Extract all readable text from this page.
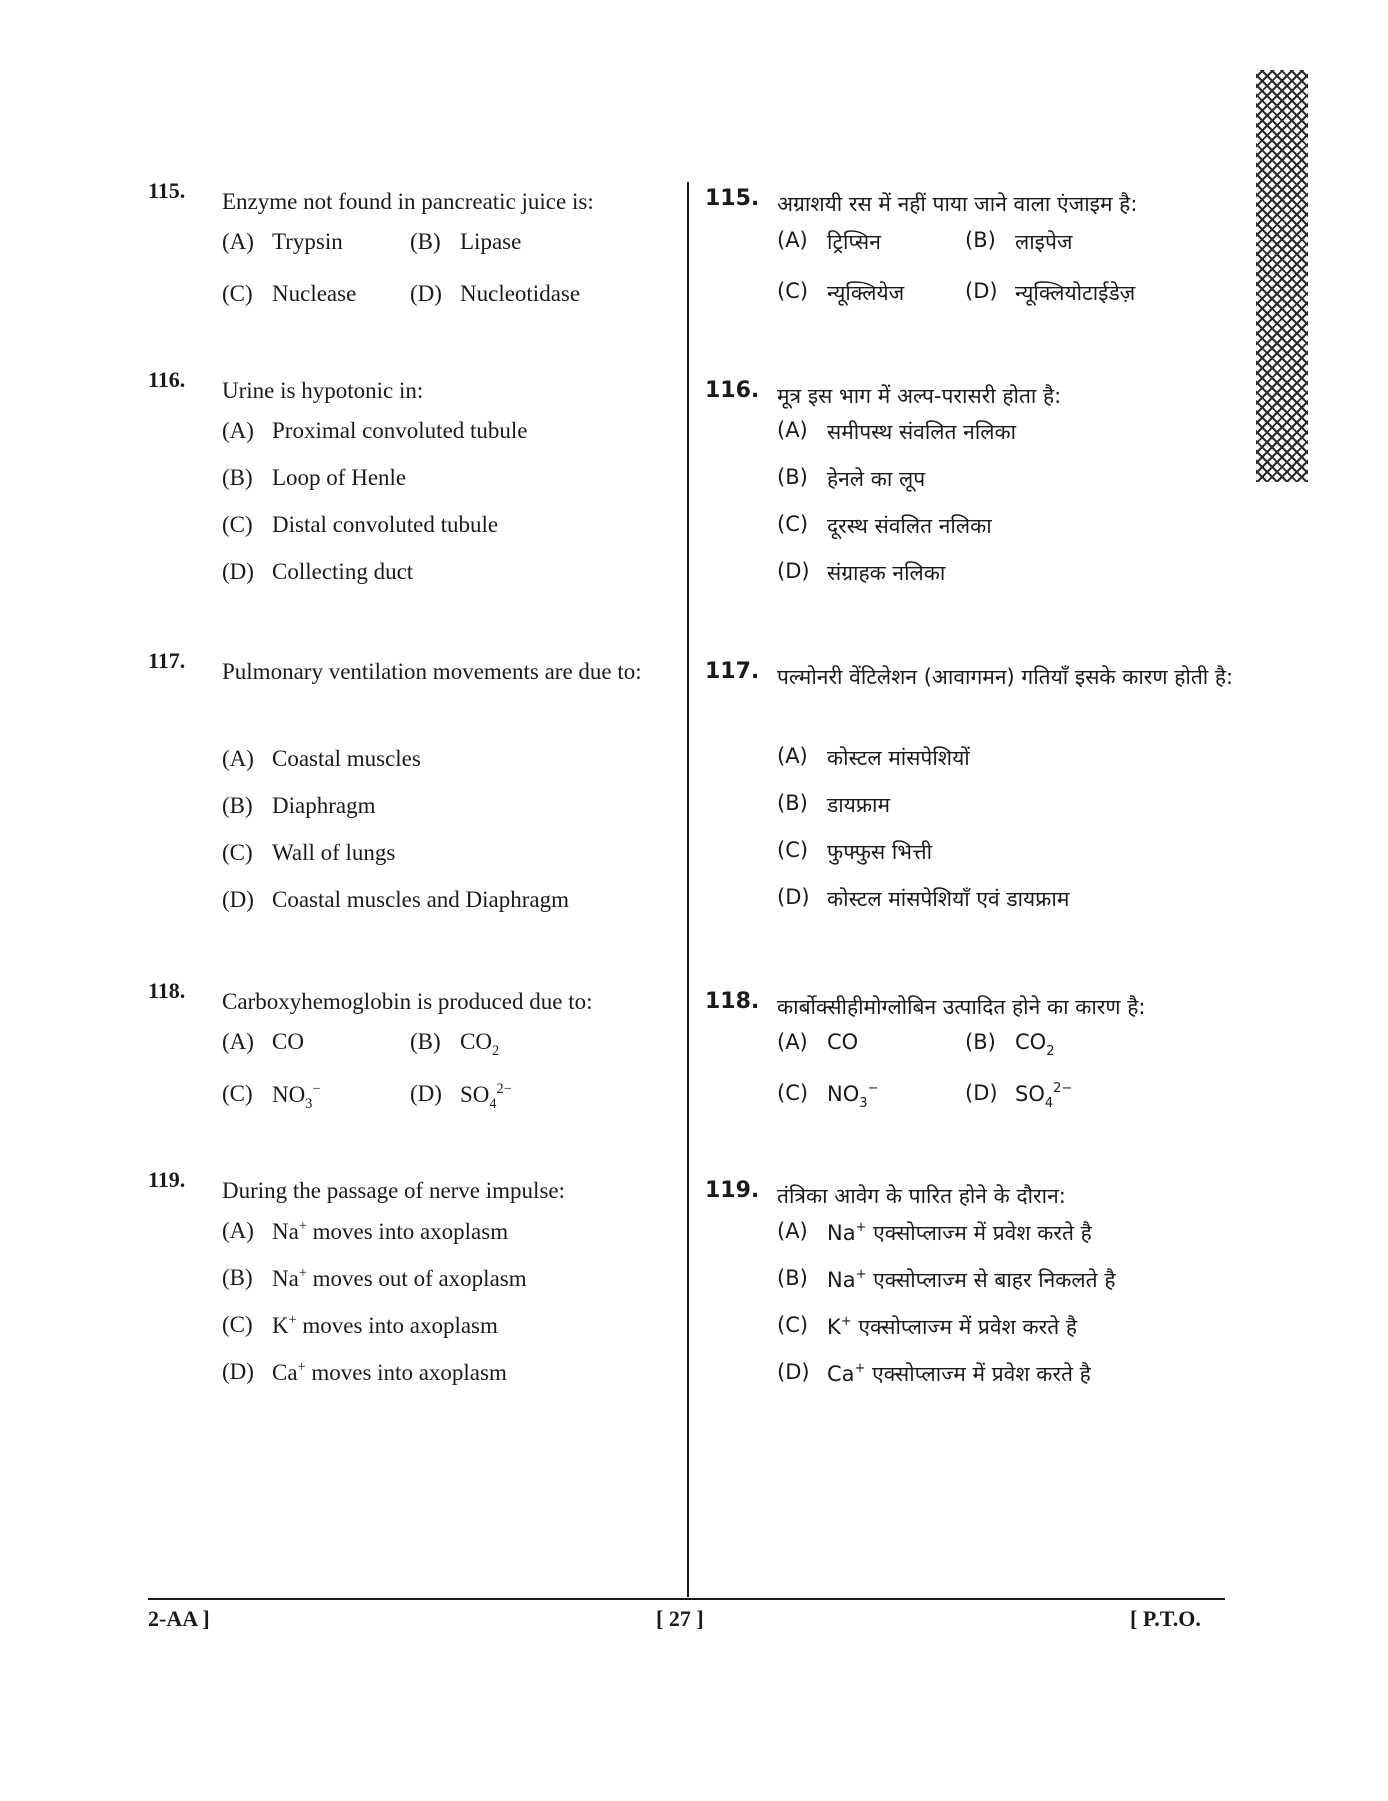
115. Enzyme not found in pancreatic juice is:
(A) Trypsin	(B) Lipase
(C) Nuclease (D) Nucleotidase
116. Urine is hypotonic in:
(A) Proximal convoluted tubule
(B) Loop of Henle
(C) Distal convoluted tubule
(D) Collecting duct
117. Pulmonary ventilation movements are due to:
(A) Coastal muscles
(B) Diaphragm
(C) Wall of lungs
(D) Coastal muscles and Diaphragm
118. Carboxyhemoglobin is produced due to:
(A) CO	(B) $CO_2$
(C) $NO_3^-$	(D) $SO_4^{2-}$
119. During the passage of nerve impulse:
(A) Na+ moves into axoplasm
(B) Na+ moves out of axoplasm
(C) K+ moves into axoplasm
(D) Ca+ moves into axoplasm
115. अग्राशयी रस में नहीं पाया जाने वाला एंजाइम है:
(A) ट्रिप्सिन	(B) लाइपेज
(C) न्यूक्लियेज	(D) न्यूक्लियोटाईडेज़
116. मूत्र इस भाग में अल्प-परासरी होता है:
(A) समीपस्थ संवलित नलिका
(B) हेनले का लूप
(C) दूरस्थ संवलित नलिका
(D) संग्राहक नलिका
117. पल्मोनरी वेंटिलेशन (आवागमन) गतियाँ इसके कारण होती है:
(A) कोस्टल मांसपेशियों
(B) डायफ्राम
(C) फुफ्फुस भित्ती
(D) कोस्टल मांसपेशियाँ एवं डायफ्राम
118. कार्बोक्सीहीमोग्लोबिन उत्पादित होने का कारण है:
(A) CO	(B) $CO_2$
(C) $NO_3^-$	(D) $SO_4^{2-}$
119. तंत्रिका आवेग के पारित होने के दौरान:
(A) Na+ एक्सोप्लाज्म में प्रवेश करते है
(B) Na+ एक्सोप्लाज्म से बाहर निकलते है
(C) K+ एक्सोप्लाज्म में प्रवेश करते है
(D) Ca+ एक्सोप्लाज्म में प्रवेश करते है
2-AA ]	[ 27 ]	[ P.T.O.
